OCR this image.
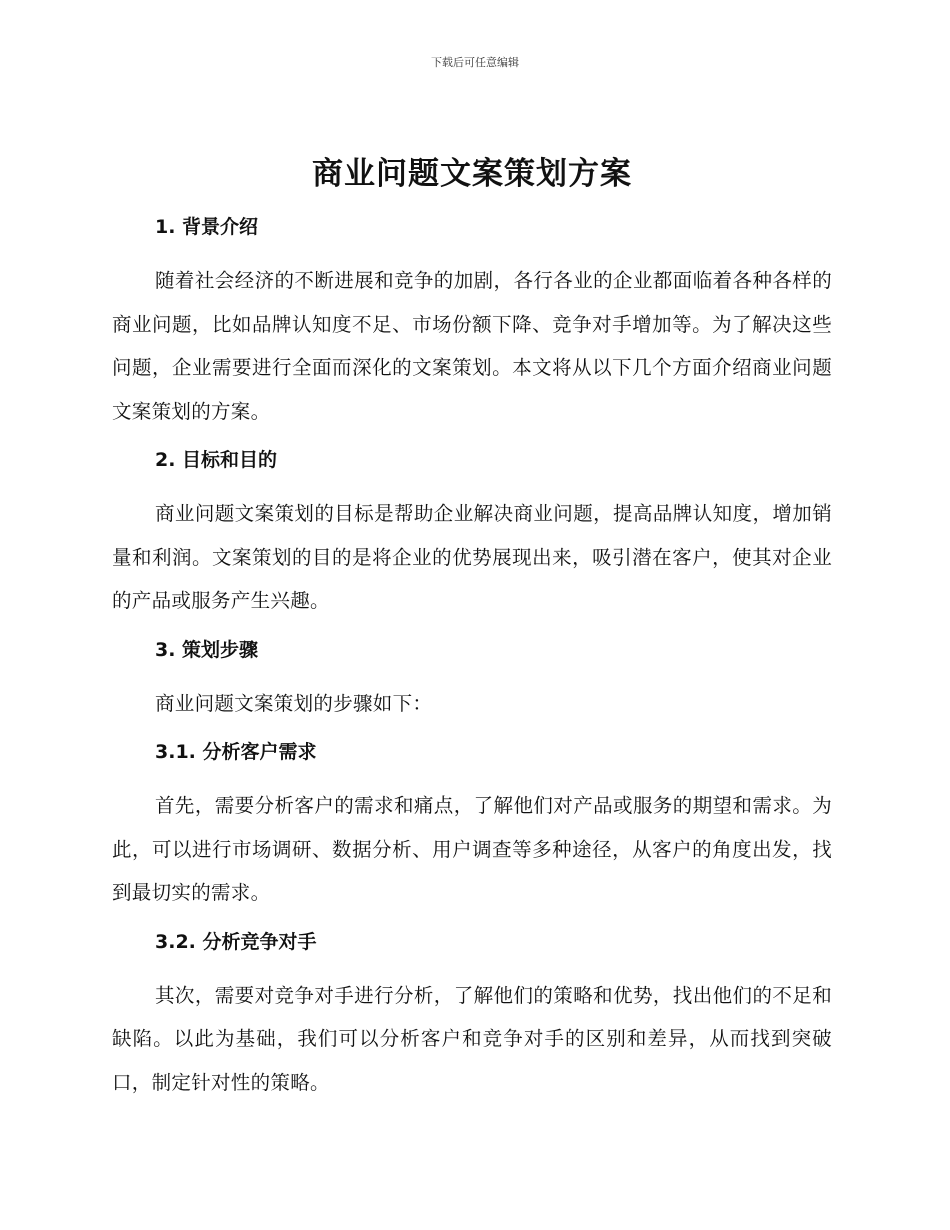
下载后可任意编辑
商业问题文案策划方案
1. 背景介绍

随着社会经济的不断进展和竞争的加剧，各行各业的企业都面临着各种各样的商业问题，比如品牌认知度不足、市场份额下降、竞争对手增加等。为了解决这些问题，企业需要进行全面而深化的文案策划。本文将从以下几个方面介绍商业问题文案策划的方案。

2. 目标和目的

商业问题文案策划的目标是帮助企业解决商业问题，提高品牌认知度，增加销量和利润。文案策划的目的是将企业的优势展现出来，吸引潜在客户，使其对企业的产品或服务产生兴趣。

3. 策划步骤

商业问题文案策划的步骤如下：

3.1. 分析客户需求

首先，需要分析客户的需求和痛点，了解他们对产品或服务的期望和需求。为此，可以进行市场调研、数据分析、用户调查等多种途径，从客户的角度出发，找到最切实的需求。

3.2. 分析竞争对手

其次，需要对竞争对手进行分析，了解他们的策略和优势，找出他们的不足和缺陷。以此为基础，我们可以分析客户和竞争对手的区别和差异，从而找到突破口，制定针对性的策略。
